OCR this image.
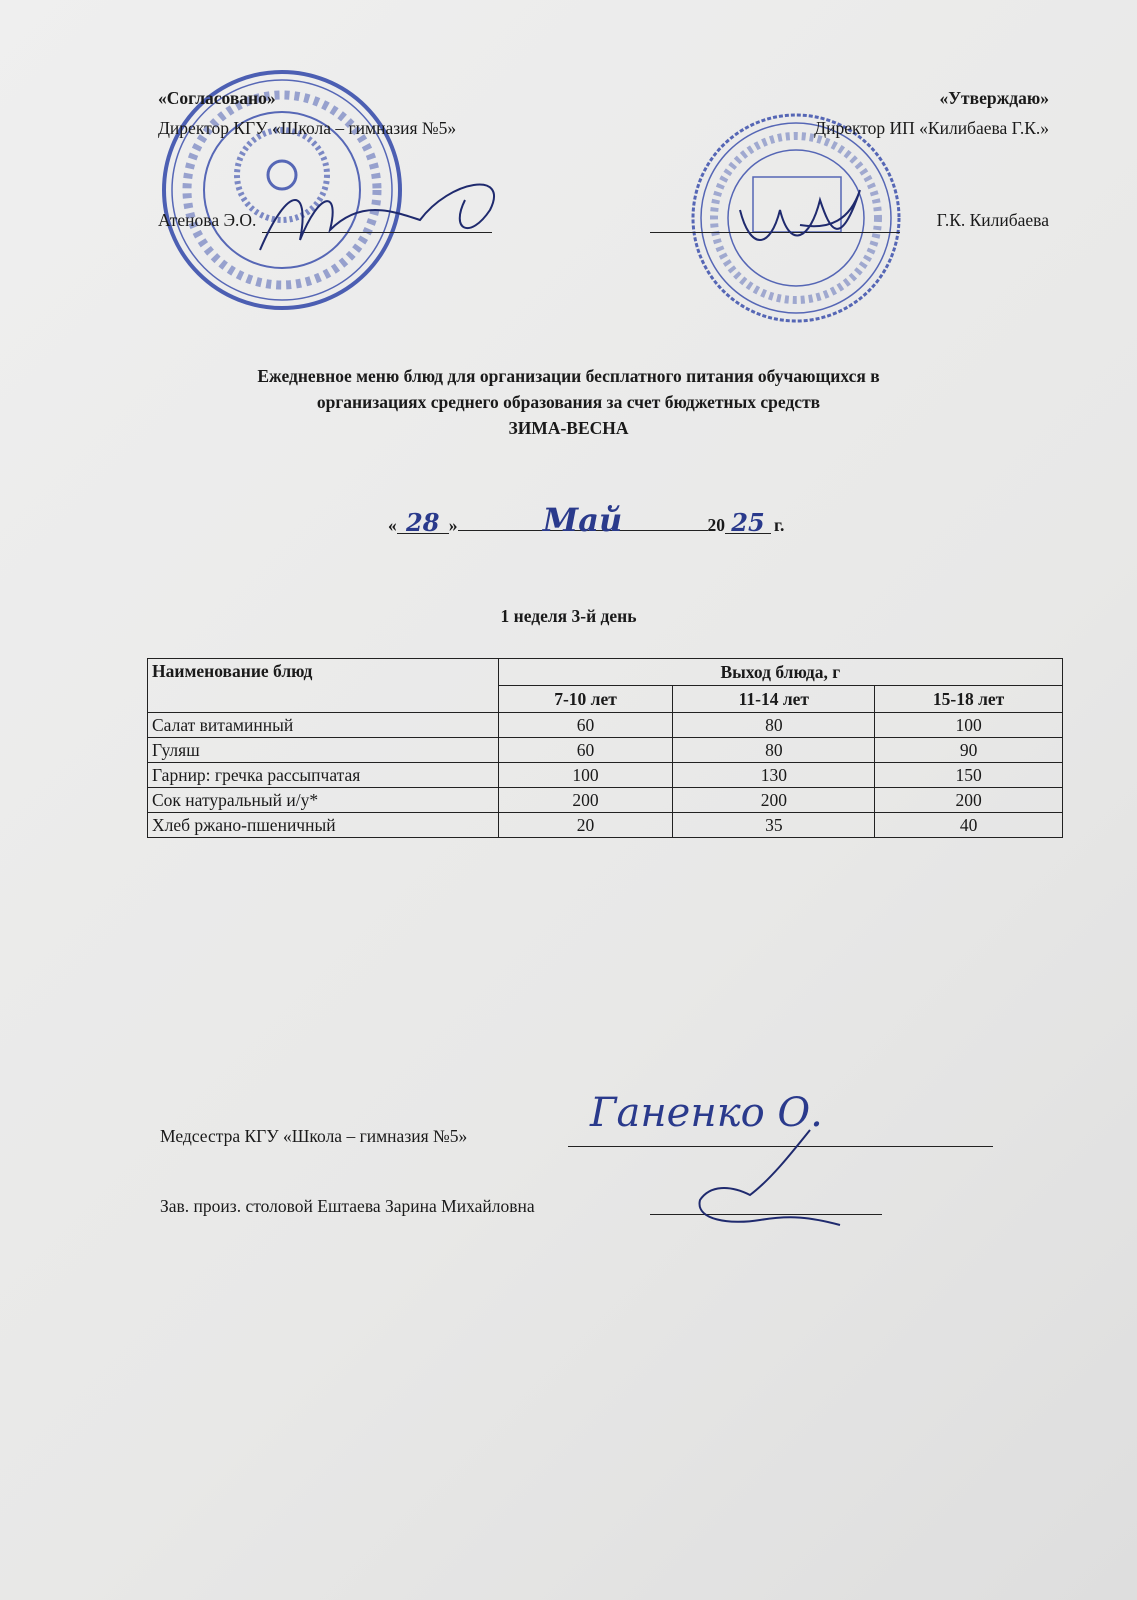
«Согласовано»
Директор КГУ «Школа – гимназия №5»
Атенова Э.О.
«Утверждаю»
Директор ИП «Килибаева Г.К.»
Г.К. Килибаева
Ежедневное меню блюд для организации бесплатного питания обучающихся в
организациях среднего образования за счет бюджетных средств
ЗИМА-ВЕСНА
« 28 »	Май	20 25 г.
1 неделя 3-й день
Наименование блюд	Выход блюда, г		
	7-10 лет	11-14 лет	15-18 лет
Салат витаминный	60	80	100
Гуляш	60	80	90
Гарнир: гречка рассыпчатая	100	130	150
Сок натуральный и/у*	200	200	200
Хлеб ржано-пшеничный	20	35	40
Медсестра КГУ «Школа – гимназия №5»	Ганенко О.
Зав. произ. столовой Ештаева Зарина Михайловна
